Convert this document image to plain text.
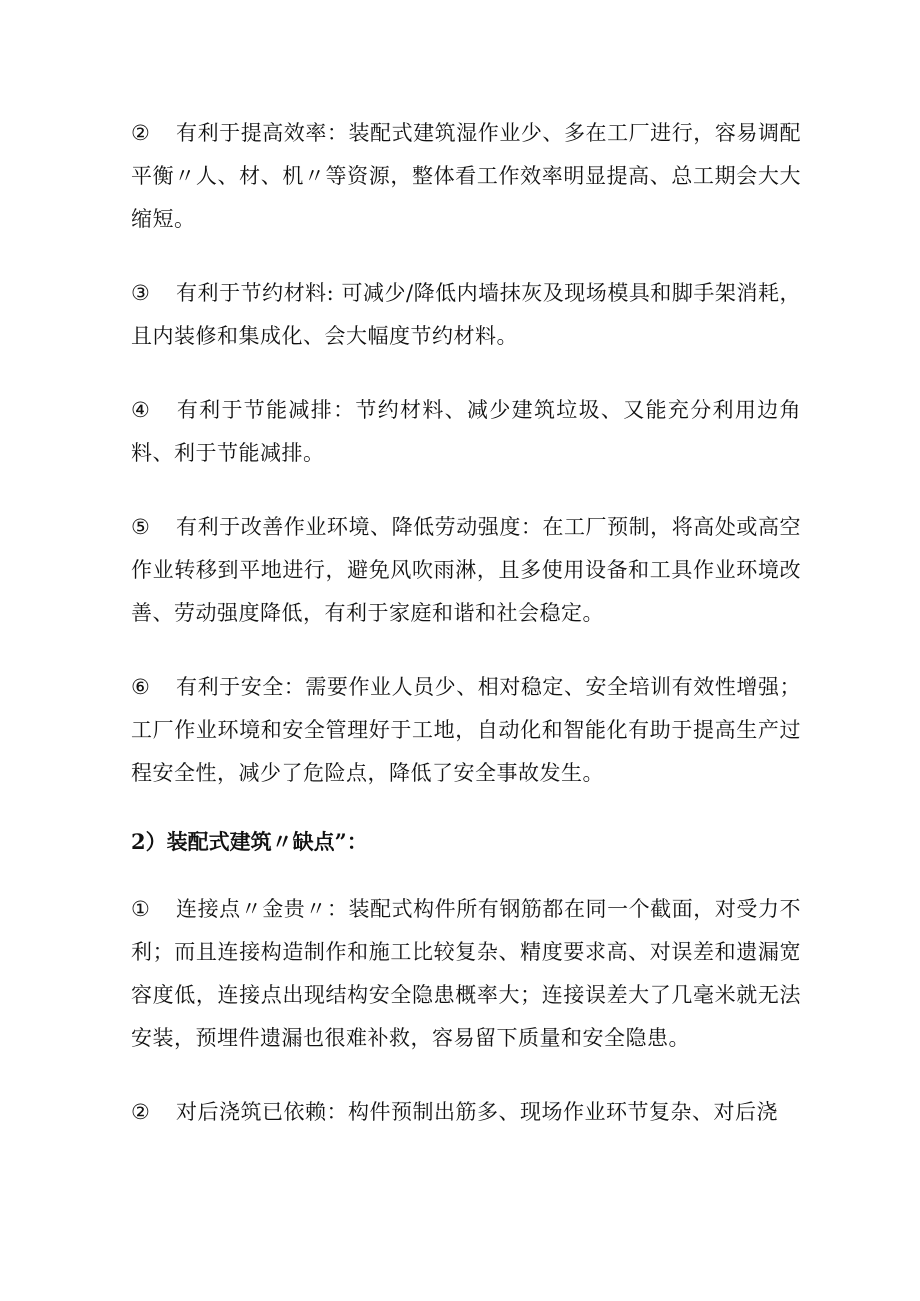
② 有利于提高效率：装配式建筑湿作业少、多在工厂进行，容易调配平衡〃人、材、机〃等资源，整体看工作效率明显提高、总工期会大大缩短。

③ 有利于节约材料: 可减少/降低内墙抹灰及现场模具和脚手架消耗，且内装修和集成化、会大幅度节约材料。

④ 有利于节能减排：节约材料、减少建筑垃圾、又能充分利用边角料、利于节能减排。

⑤ 有利于改善作业环境、降低劳动强度：在工厂预制，将高处或高空作业转移到平地进行，避免风吹雨淋，且多使用设备和工具作业环境改善、劳动强度降低，有利于家庭和谐和社会稳定。

⑥ 有利于安全：需要作业人员少、相对稳定、安全培训有效性增强；工厂作业环境和安全管理好于工地，自动化和智能化有助于提高生产过程安全性，减少了危险点，降低了安全事故发生。

2）装配式建筑〃缺点”：

① 连接点〃金贵〃：装配式构件所有钢筋都在同一个截面，对受力不利；而且连接构造制作和施工比较复杂、精度要求高、对误差和遗漏宽容度低，连接点出现结构安全隐患概率大；连接误差大了几毫米就无法安装，预埋件遗漏也很难补救，容易留下质量和安全隐患。

② 对后浇筑已依赖：构件预制出筋多、现场作业环节复杂、对后浇
